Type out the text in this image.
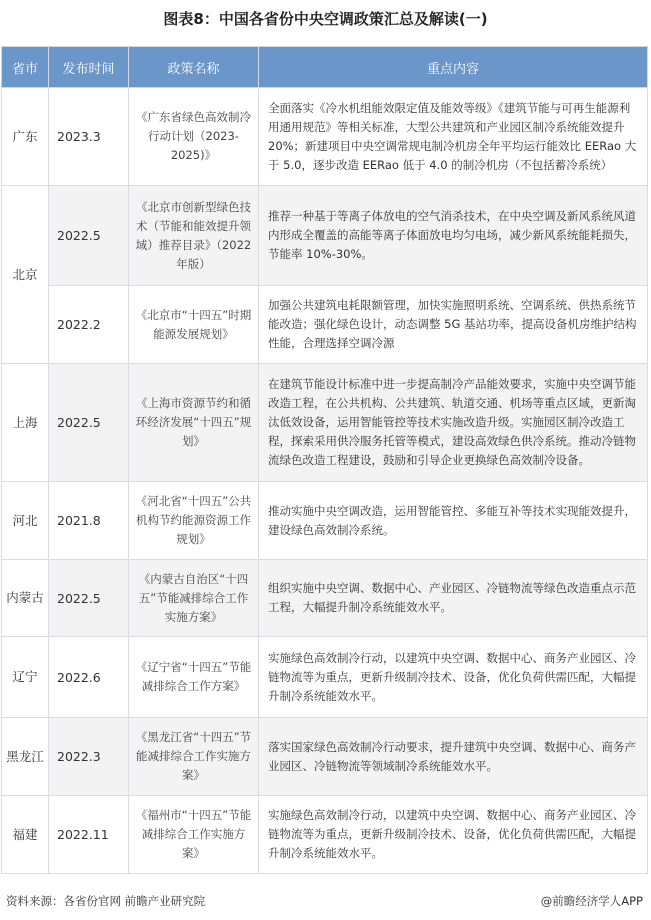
图表8：中国各省份中央空调政策汇总及解读(一)
省市	发布时间	政策名称	重点内容
广东	2023.3	《广东省绿色高效制冷行动计划（2023-2025)》	全面落实《冷水机组能效限定值及能效等级》《建筑节能与可再生能源利用通用规范》等相关标准，大型公共建筑和产业园区制冷系统能效提升 20%；新建项目中央空调常规电制冷机房全年平均运行能效比 EERao 大于 5.0，逐步改造 EERao 低于 4.0 的制冷机房（不包括蓄冷系统）
北京	2022.5	《北京市创新型绿色技术（节能和能效提升领域）推荐目录》（2022 年版）	推荐一种基于等离子体放电的空气消杀技术，在中央空调及新风系统风道内形成全覆盖的高能等离子体面放电均匀电场，减少新风系统能耗损失，节能率 10%-30%。
	2022.2	《北京市“十四五”时期能源发展规划》	加强公共建筑电耗限额管理，加快实施照明系统、空调系统、供热系统节能改造；强化绿色设计，动态调整 5G 基站功率，提高设备机房维护结构性能，合理选择空调冷源
上海	2022.5	《上海市资源节约和循环经济发展“十四五”规划》	在建筑节能设计标准中进一步提高制冷产品能效要求，实施中央空调节能改造工程，在公共机构、公共建筑、轨道交通、机场等重点区域，更新淘汰低效设备，运用智能管控等技术实施改造升级。实施园区制冷改造工程，探索采用供冷服务托管等模式，建设高效绿色供冷系统。推动冷链物流绿色改造工程建设，鼓励和引导企业更换绿色高效制冷设备。
河北	2021.8	《河北省“十四五”公共机构节约能源资源工作规划》	推动实施中央空调改造，运用智能管控、多能互补等技术实现能效提升，建设绿色高效制冷系统。
内蒙古	2022.5	《内蒙古自治区“十四五”节能减排综合工作实施方案》	组织实施中央空调、数据中心、产业园区、冷链物流等绿色改造重点示范工程，大幅提升制冷系统能效水平。
辽宁	2022.6	《辽宁省“十四五”节能减排综合工作方案》	实施绿色高效制冷行动，以建筑中央空调、数据中心、商务产业园区、冷链物流等为重点，更新升级制冷技术、设备，优化负荷供需匹配，大幅提升制冷系统能效水平。
黑龙江	2022.3	《黑龙江省“十四五”节能减排综合工作实施方案》	落实国家绿色高效制冷行动要求，提升建筑中央空调、数据中心、商务产业园区、冷链物流等领域制冷系统能效水平。
福建	2022.11	《福州市“十四五”节能减排综合工作实施方案》	实施绿色高效制冷行动，以建筑中央空调、数据中心、商务产业园区、冷链物流等为重点，更新升级制冷技术、设备，优化负荷供需匹配，大幅提升制冷系统能效水平。
资料来源：各省份官网 前瞻产业研究院	@前瞻经济学人APP
